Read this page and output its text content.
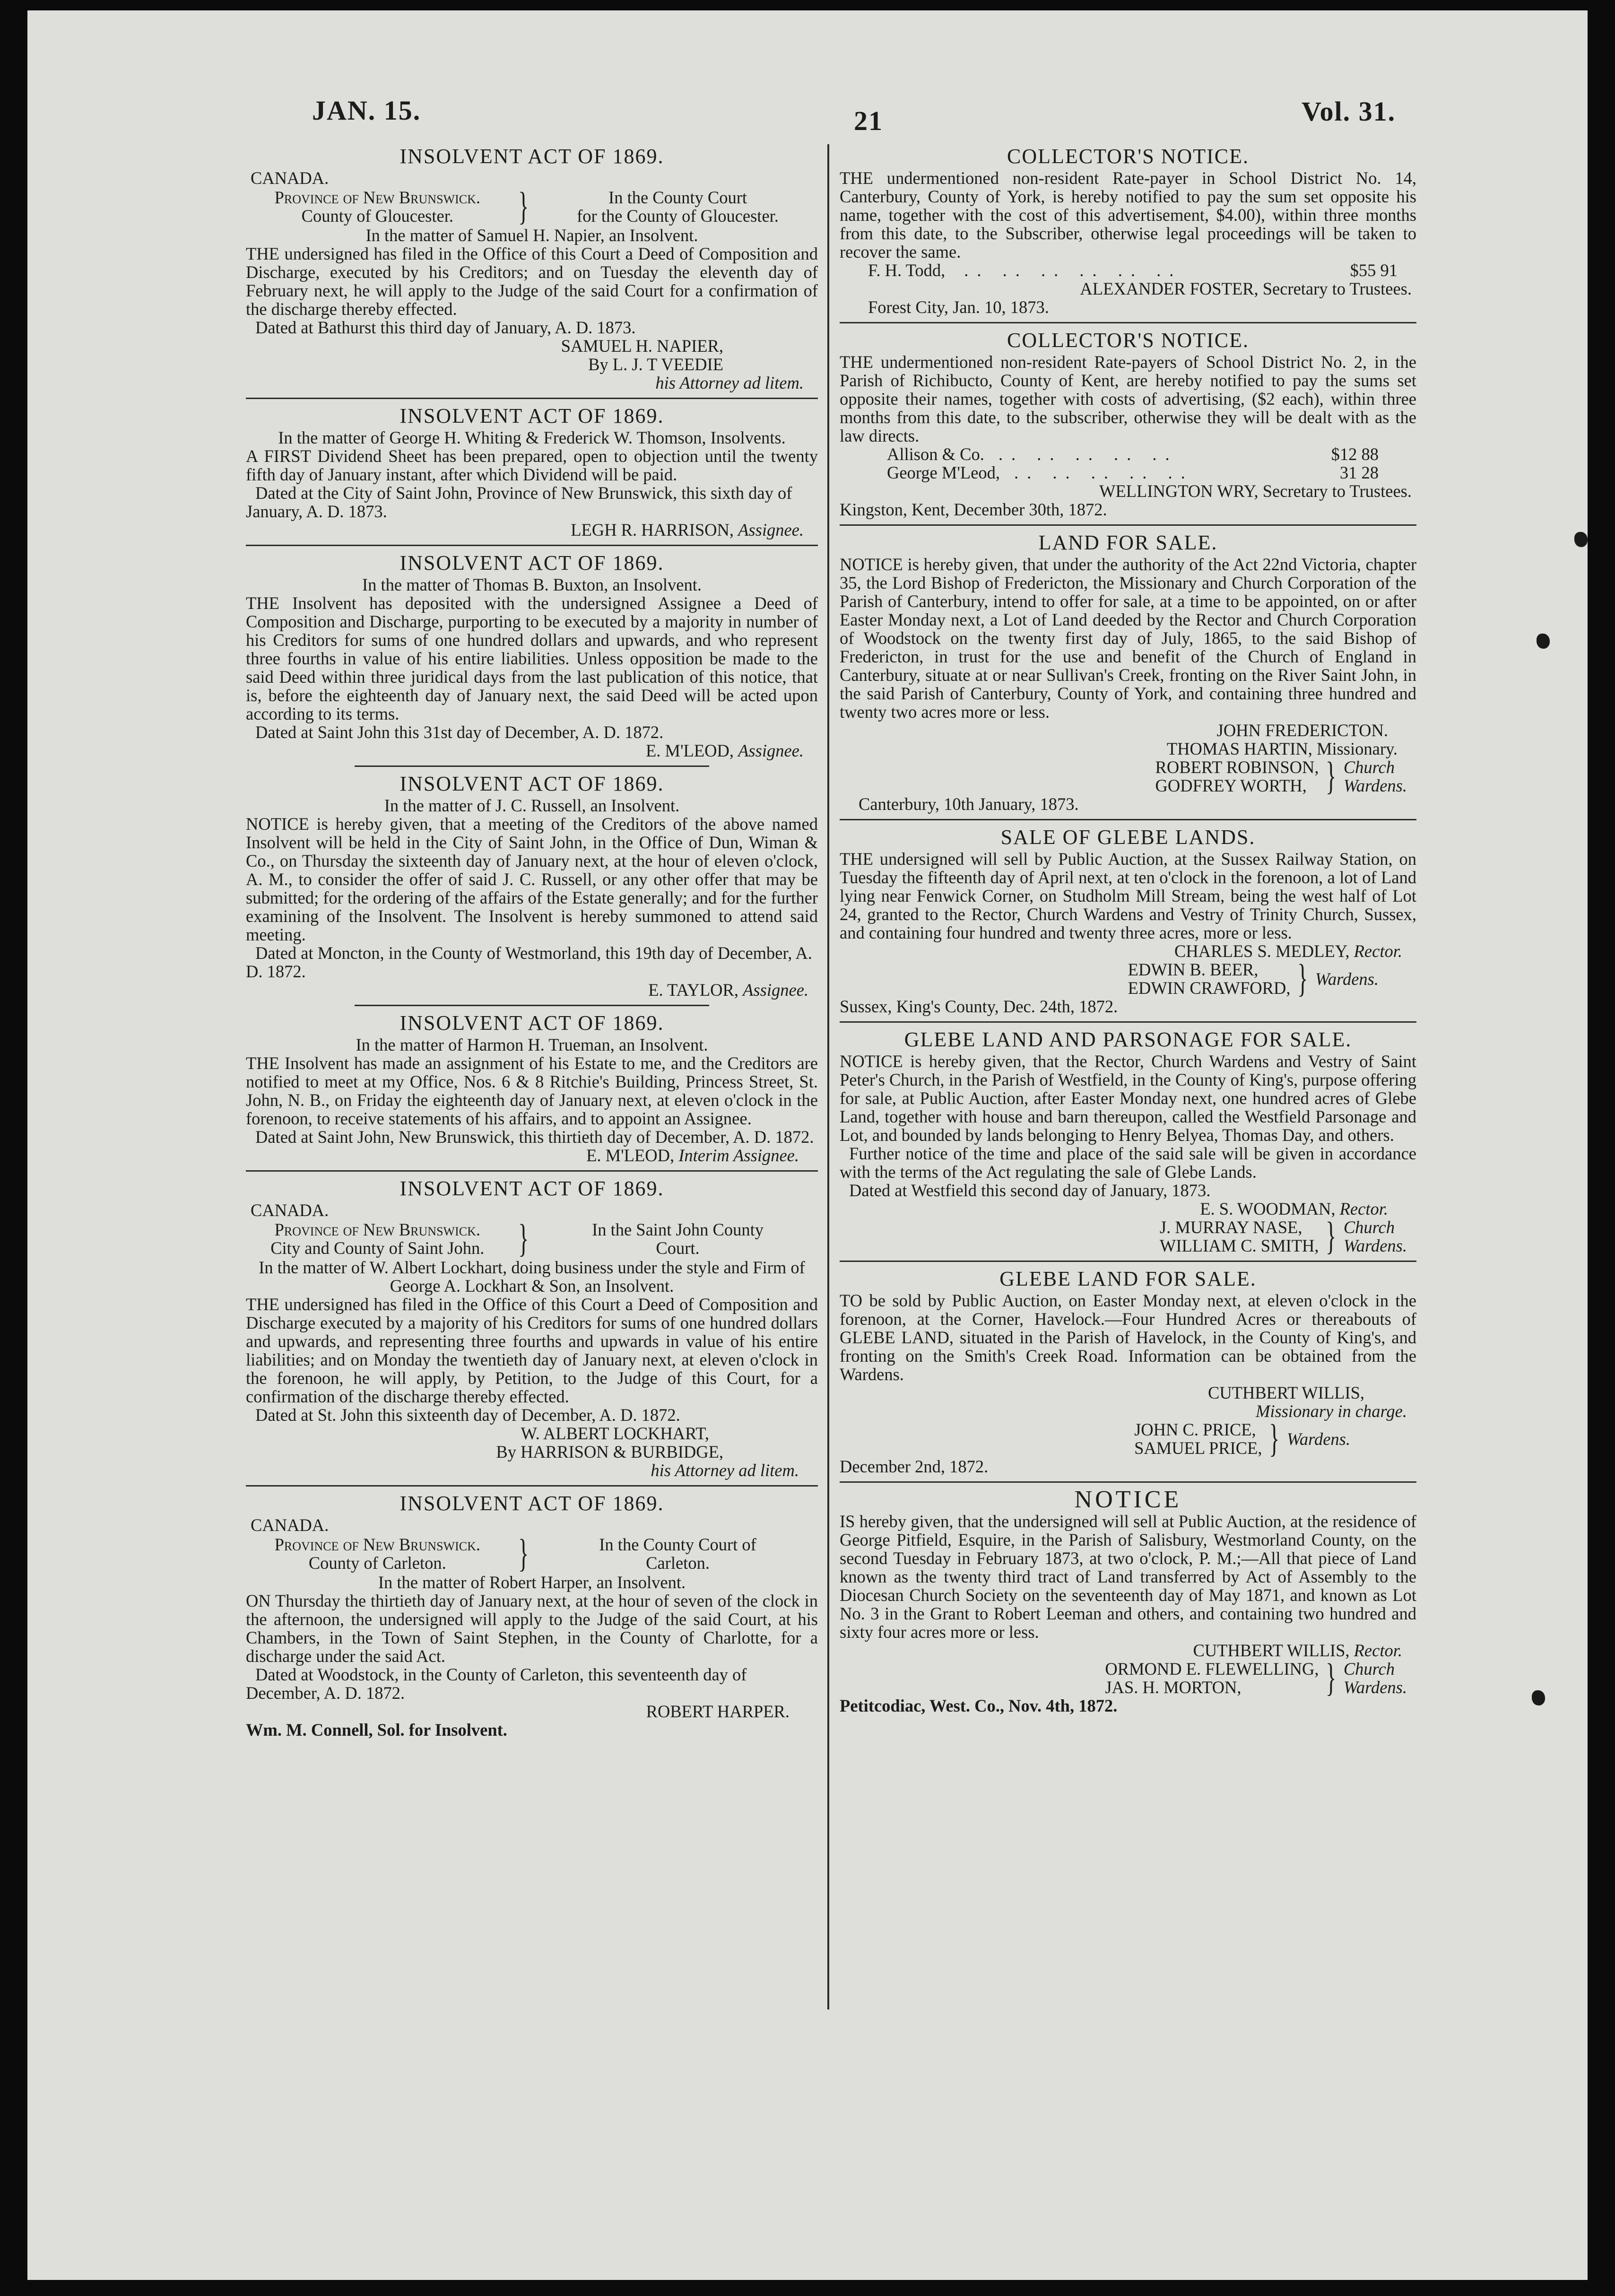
JAN. 15.	21	Vol. 31.
INSOLVENT ACT OF 1869.
CANADA.
Province of New Brunswick.
County of Gloucester.	}	In the County Court
for the County of Gloucester.
In the matter of Samuel H. Napier, an Insolvent.
THE undersigned has filed in the Office of this Court a Deed of Composition and Discharge, executed by his Creditors; and on Tuesday the eleventh day of February next, he will apply to the Judge of the said Court for a confirmation of the discharge thereby effected.
Dated at Bathurst this third day of January, A. D. 1873.
SAMUEL H. NAPIER,
By L. J. T VEEDIE
his Attorney ad litem.
INSOLVENT ACT OF 1869.
In the matter of George H. Whiting & Frederick W. Thomson, Insolvents.
A FIRST Dividend Sheet has been prepared, open to objection until the twenty fifth day of January instant, after which Dividend will be paid.
Dated at the City of Saint John, Province of New Brunswick, this sixth day of January, A. D. 1873.
LEGH R. HARRISON, Assignee.
INSOLVENT ACT OF 1869.
In the matter of Thomas B. Buxton, an Insolvent.
THE Insolvent has deposited with the undersigned Assignee a Deed of Composition and Discharge, purporting to be executed by a majority in number of his Creditors for sums of one hundred dollars and upwards, and who represent three fourths in value of his entire liabilities. Unless opposition be made to the said Deed within three juridical days from the last publication of this notice, that is, before the eighteenth day of January next, the said Deed will be acted upon according to its terms.
Dated at Saint John this 31st day of December, A. D. 1872.
E. M'LEOD, Assignee.
INSOLVENT ACT OF 1869.
In the matter of J. C. Russell, an Insolvent.
NOTICE is hereby given, that a meeting of the Creditors of the above named Insolvent will be held in the City of Saint John, in the Office of Dun, Wiman & Co., on Thursday the sixteenth day of January next, at the hour of eleven o'clock, A. M., to consider the offer of said J. C. Russell, or any other offer that may be submitted; for the ordering of the affairs of the Estate generally; and for the further examining of the Insolvent. The Insolvent is hereby summoned to attend said meeting.
Dated at Moncton, in the County of Westmorland, this 19th day of December, A. D. 1872.
E. TAYLOR, Assignee.
INSOLVENT ACT OF 1869.
In the matter of Harmon H. Trueman, an Insolvent.
THE Insolvent has made an assignment of his Estate to me, and the Creditors are notified to meet at my Office, Nos. 6 & 8 Ritchie's Building, Princess Street, St. John, N. B., on Friday the eighteenth day of January next, at eleven o'clock in the forenoon, to receive statements of his affairs, and to appoint an Assignee.
Dated at Saint John, New Brunswick, this thirtieth day of December, A. D. 1872.
E. M'LEOD, Interim Assignee.
INSOLVENT ACT OF 1869.
CANADA.
Province of New Brunswick.
City and County of Saint John. }	In the Saint John County
Court.
In the matter of W. Albert Lockhart, doing business under the style and Firm of George A. Lockhart & Son, an Insolvent.
THE undersigned has filed in the Office of this Court a Deed of Composition and Discharge executed by a majority of his Creditors for sums of one hundred dollars and upwards, and representing three fourths and upwards in value of his entire liabilities; and on Monday the twentieth day of January next, at eleven o'clock in the forenoon, he will apply, by Petition, to the Judge of this Court, for a confirmation of the discharge thereby effected.
Dated at St. John this sixteenth day of December, A. D. 1872.
W. ALBERT LOCKHART,
By HARRISON & BURBIDGE,
his Attorney ad litem.
INSOLVENT ACT OF 1869.
CANADA.
Province of New Brunswick.
County of Carleton.	}	In the County Court of
Carleton.
In the matter of Robert Harper, an Insolvent.
ON Thursday the thirtieth day of January next, at the hour of seven of the clock in the afternoon, the undersigned will apply to the Judge of the said Court, at his Chambers, in the Town of Saint Stephen, in the County of Charlotte, for a discharge under the said Act.
Dated at Woodstock, in the County of Carleton, this seventeenth day of December, A. D. 1872.
ROBERT HARPER.
Wm. M. Connell, Sol. for Insolvent.
COLLECTOR'S NOTICE.
THE undermentioned non-resident Rate-payer in School District No. 14, Canterbury, County of York, is hereby notified to pay the sum set opposite his name, together with the cost of this advertisement, $4.00), within three months from this date, to the Subscriber, otherwise legal proceedings will be taken to recover the same.
F. H. Todd,	.. .. .. .. .. ..	$55 91
ALEXANDER FOSTER, Secretary to Trustees.
Forest City, Jan. 10, 1873.
COLLECTOR'S NOTICE.
THE undermentioned non-resident Rate-payers of School District No. 2, in the Parish of Richibucto, County of Kent, are hereby notified to pay the sums set opposite their names, together with costs of advertising, ($2 each), within three months from this date, to the subscriber, otherwise they will be dealt with as the law directs.
Allison & Co. .. .. .. .. ..	$12 88
George M'Leod, .. .. .. .. ..	31 28
WELLINGTON WRY, Secretary to Trustees.
Kingston, Kent, December 30th, 1872.
LAND FOR SALE.
NOTICE is hereby given, that under the authority of the Act 22nd Victoria, chapter 35, the Lord Bishop of Fredericton, the Missionary and Church Corporation of the Parish of Canterbury, intend to offer for sale, at a time to be appointed, on or after Easter Monday next, a Lot of Land deeded by the Rector and Church Corporation of Woodstock on the twenty first day of July, 1865, to the said Bishop of Fredericton, in trust for the use and benefit of the Church of England in Canterbury, situate at or near Sullivan's Creek, fronting on the River Saint John, in the said Parish of Canterbury, County of York, and containing three hundred and twenty two acres more or less.
JOHN FREDERICTON.
THOMAS HARTIN, Missionary.
ROBERT ROBINSON,
GODFREY WORTH, } Church
Wardens.
Canterbury, 10th January, 1873.
SALE OF GLEBE LANDS.
THE undersigned will sell by Public Auction, at the Sussex Railway Station, on Tuesday the fifteenth day of April next, at ten o'clock in the forenoon, a lot of Land lying near Fenwick Corner, on Studholm Mill Stream, being the west half of Lot 24, granted to the Rector, Church Wardens and Vestry of Trinity Church, Sussex, and containing four hundred and twenty three acres, more or less.
CHARLES S. MEDLEY, Rector.
EDWIN B. BEER,
EDWIN CRAWFORD, } Wardens.
Sussex, King's County, Dec. 24th, 1872.
GLEBE LAND AND PARSONAGE FOR SALE.
NOTICE is hereby given, that the Rector, Church Wardens and Vestry of Saint Peter's Church, in the Parish of Westfield, in the County of King's, purpose offering for sale, at Public Auction, after Easter Monday next, one hundred acres of Glebe Land, together with house and barn thereupon, called the Westfield Parsonage and Lot, and bounded by lands belonging to Henry Belyea, Thomas Day, and others.
Further notice of the time and place of the said sale will be given in accordance with the terms of the Act regulating the sale of Glebe Lands.
Dated at Westfield this second day of January, 1873.
E. S. WOODMAN, Rector.
J. MURRAY NASE,
WILLIAM C. SMITH, } Church
Wardens.
GLEBE LAND FOR SALE.
TO be sold by Public Auction, on Easter Monday next, at eleven o'clock in the forenoon, at the Corner, Havelock.—Four Hundred Acres or thereabouts of GLEBE LAND, situated in the Parish of Havelock, in the County of King's, and fronting on the Smith's Creek Road. Information can be obtained from the Wardens.
CUTHBERT WILLIS,
Missionary in charge.
JOHN C. PRICE,
SAMUEL PRICE, } Wardens.
December 2nd, 1872.
NOTICE
IS hereby given, that the undersigned will sell at Public Auction, at the residence of George Pitfield, Esquire, in the Parish of Salisbury, Westmorland County, on the second Tuesday in February 1873, at two o'clock, P. M.;—All that piece of Land known as the twenty third tract of Land transferred by Act of Assembly to the Diocesan Church Society on the seventeenth day of May 1871, and known as Lot No. 3 in the Grant to Robert Leeman and others, and containing two hundred and sixty four acres more or less.
CUTHBERT WILLIS, Rector.
ORMOND E. FLEWELLING,
JAS. H. MORTON,	} Church
Wardens.
Petitcodiac, West. Co., Nov. 4th, 1872.
